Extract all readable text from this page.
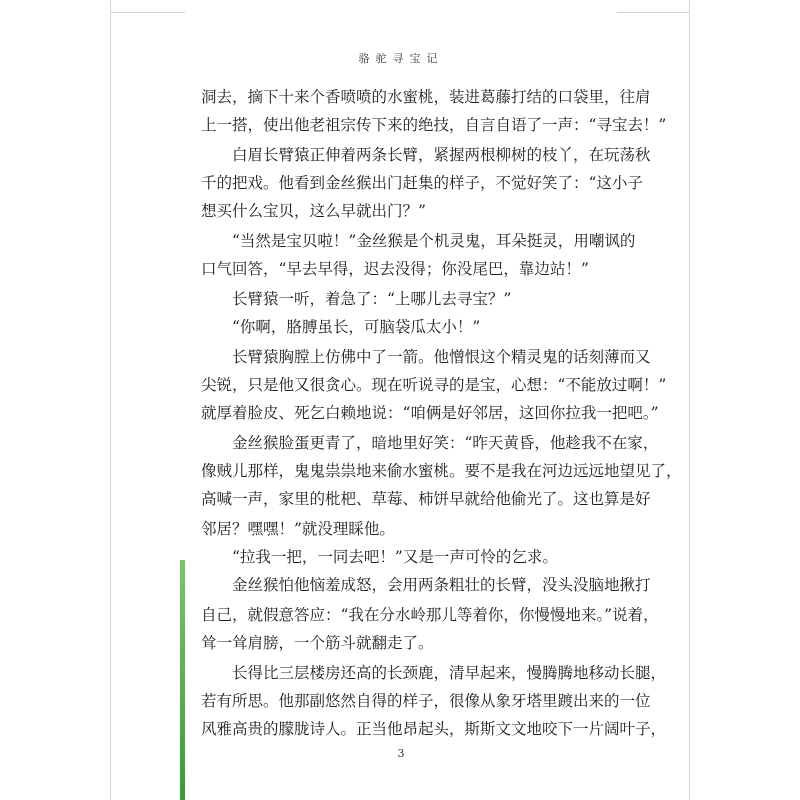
骆驼寻宝记
洞去，摘下十来个香喷喷的水蜜桃，装进葛藤打结的口袋里，往肩
上一搭，使出他老祖宗传下来的绝技，自言自语了一声：“寻宝去！”
　　白眉长臂猿正伸着两条长臂，紧握两根柳树的枝丫，在玩荡秋
千的把戏。他看到金丝猴出门赶集的样子，不觉好笑了：“这小子
想买什么宝贝，这么早就出门？”
　　“当然是宝贝啦！”金丝猴是个机灵鬼，耳朵挺灵，用嘲讽的
口气回答，“早去早得，迟去没得；你没尾巴，靠边站！”
　　长臂猿一听，着急了：“上哪儿去寻宝？”
　　“你啊，胳膊虽长，可脑袋瓜太小！”
　　长臂猿胸膛上仿佛中了一箭。他憎恨这个精灵鬼的话刻薄而又
尖锐，只是他又很贪心。现在听说寻的是宝，心想：“不能放过啊！”
就厚着脸皮、死乞白赖地说：“咱俩是好邻居，这回你拉我一把吧。”
　　金丝猴脸蛋更青了，暗地里好笑：“昨天黄昏，他趁我不在家，
像贼儿那样，鬼鬼祟祟地来偷水蜜桃。要不是我在河边远远地望见了，
高喊一声，家里的枇杷、草莓、柿饼早就给他偷光了。这也算是好
邻居？嘿嘿！”就没理睬他。
　　“拉我一把，一同去吧！”又是一声可怜的乞求。
　　金丝猴怕他恼羞成怒，会用两条粗壮的长臂，没头没脑地揪打
自己，就假意答应：“我在分水岭那儿等着你，你慢慢地来。”说着，
耸一耸肩膀，一个筋斗就翻走了。
　　长得比三层楼房还高的长颈鹿，清早起来，慢腾腾地移动长腿，
若有所思。他那副悠然自得的样子，很像从象牙塔里踱出来的一位
风雅高贵的朦胧诗人。正当他昂起头，斯斯文文地咬下一片阔叶子，
3
